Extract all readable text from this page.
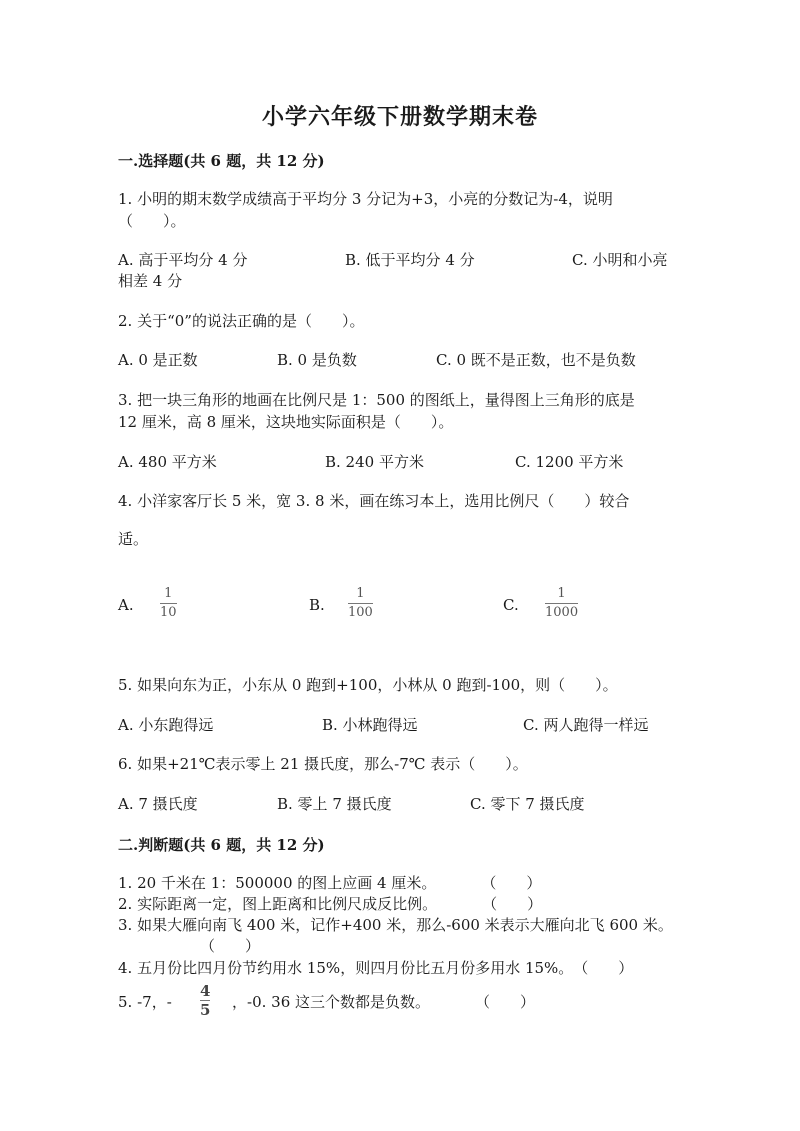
小学六年级下册数学期末卷
一.选择题(共 6 题，共 12 分)
1. 小明的期末数学成绩高于平均分 3 分记为+3，小亮的分数记为-4，说明
（　　）。
A. 高于平均分 4 分	B. 低于平均分 4 分	C. 小明和小亮
相差 4 分
2. 关于“0”的说法正确的是（　　）。
A. 0 是正数	B. 0 是负数	C. 0 既不是正数，也不是负数
3. 把一块三角形的地画在比例尺是 1：500 的图纸上，量得图上三角形的底是
12 厘米，高 8 厘米，这块地实际面积是（　　）。
A. 480 平方米	B. 240 平方米	C. 1200 平方米
4. 小洋家客厅长 5 米，宽 3. 8 米，画在练习本上，选用比例尺（　　）较合
适。
A.
1
10	B.
1
100	C.
1
1000
5. 如果向东为正，小东从 0 跑到+100，小林从 0 跑到-100，则（　　）。
A. 小东跑得远	B. 小林跑得远	C. 两人跑得一样远
6. 如果+21℃表示零上 21 摄氏度，那么-7℃ 表示（　　）。
A. 7 摄氏度	B. 零上 7 摄氏度	C. 零下 7 摄氏度
二.判断题(共 6 题，共 12 分)
1. 20 千米在 1：500000 的图上应画 4 厘米。　　　　（　　）
2. 实际距离一定，图上距离和比例尺成反比例。　　　　（　　）
3. 如果大雁向南飞 400 米，记作+400 米，那么-600 米表示大雁向北飞 600 米。
（　　）
4. 五月份比四月份节约用水 15%，则四月份比五月份多用水 15%。　（　　）
5. -7，-
4
5 ，-0. 36 这三个数都是负数。　　　　（　　）
